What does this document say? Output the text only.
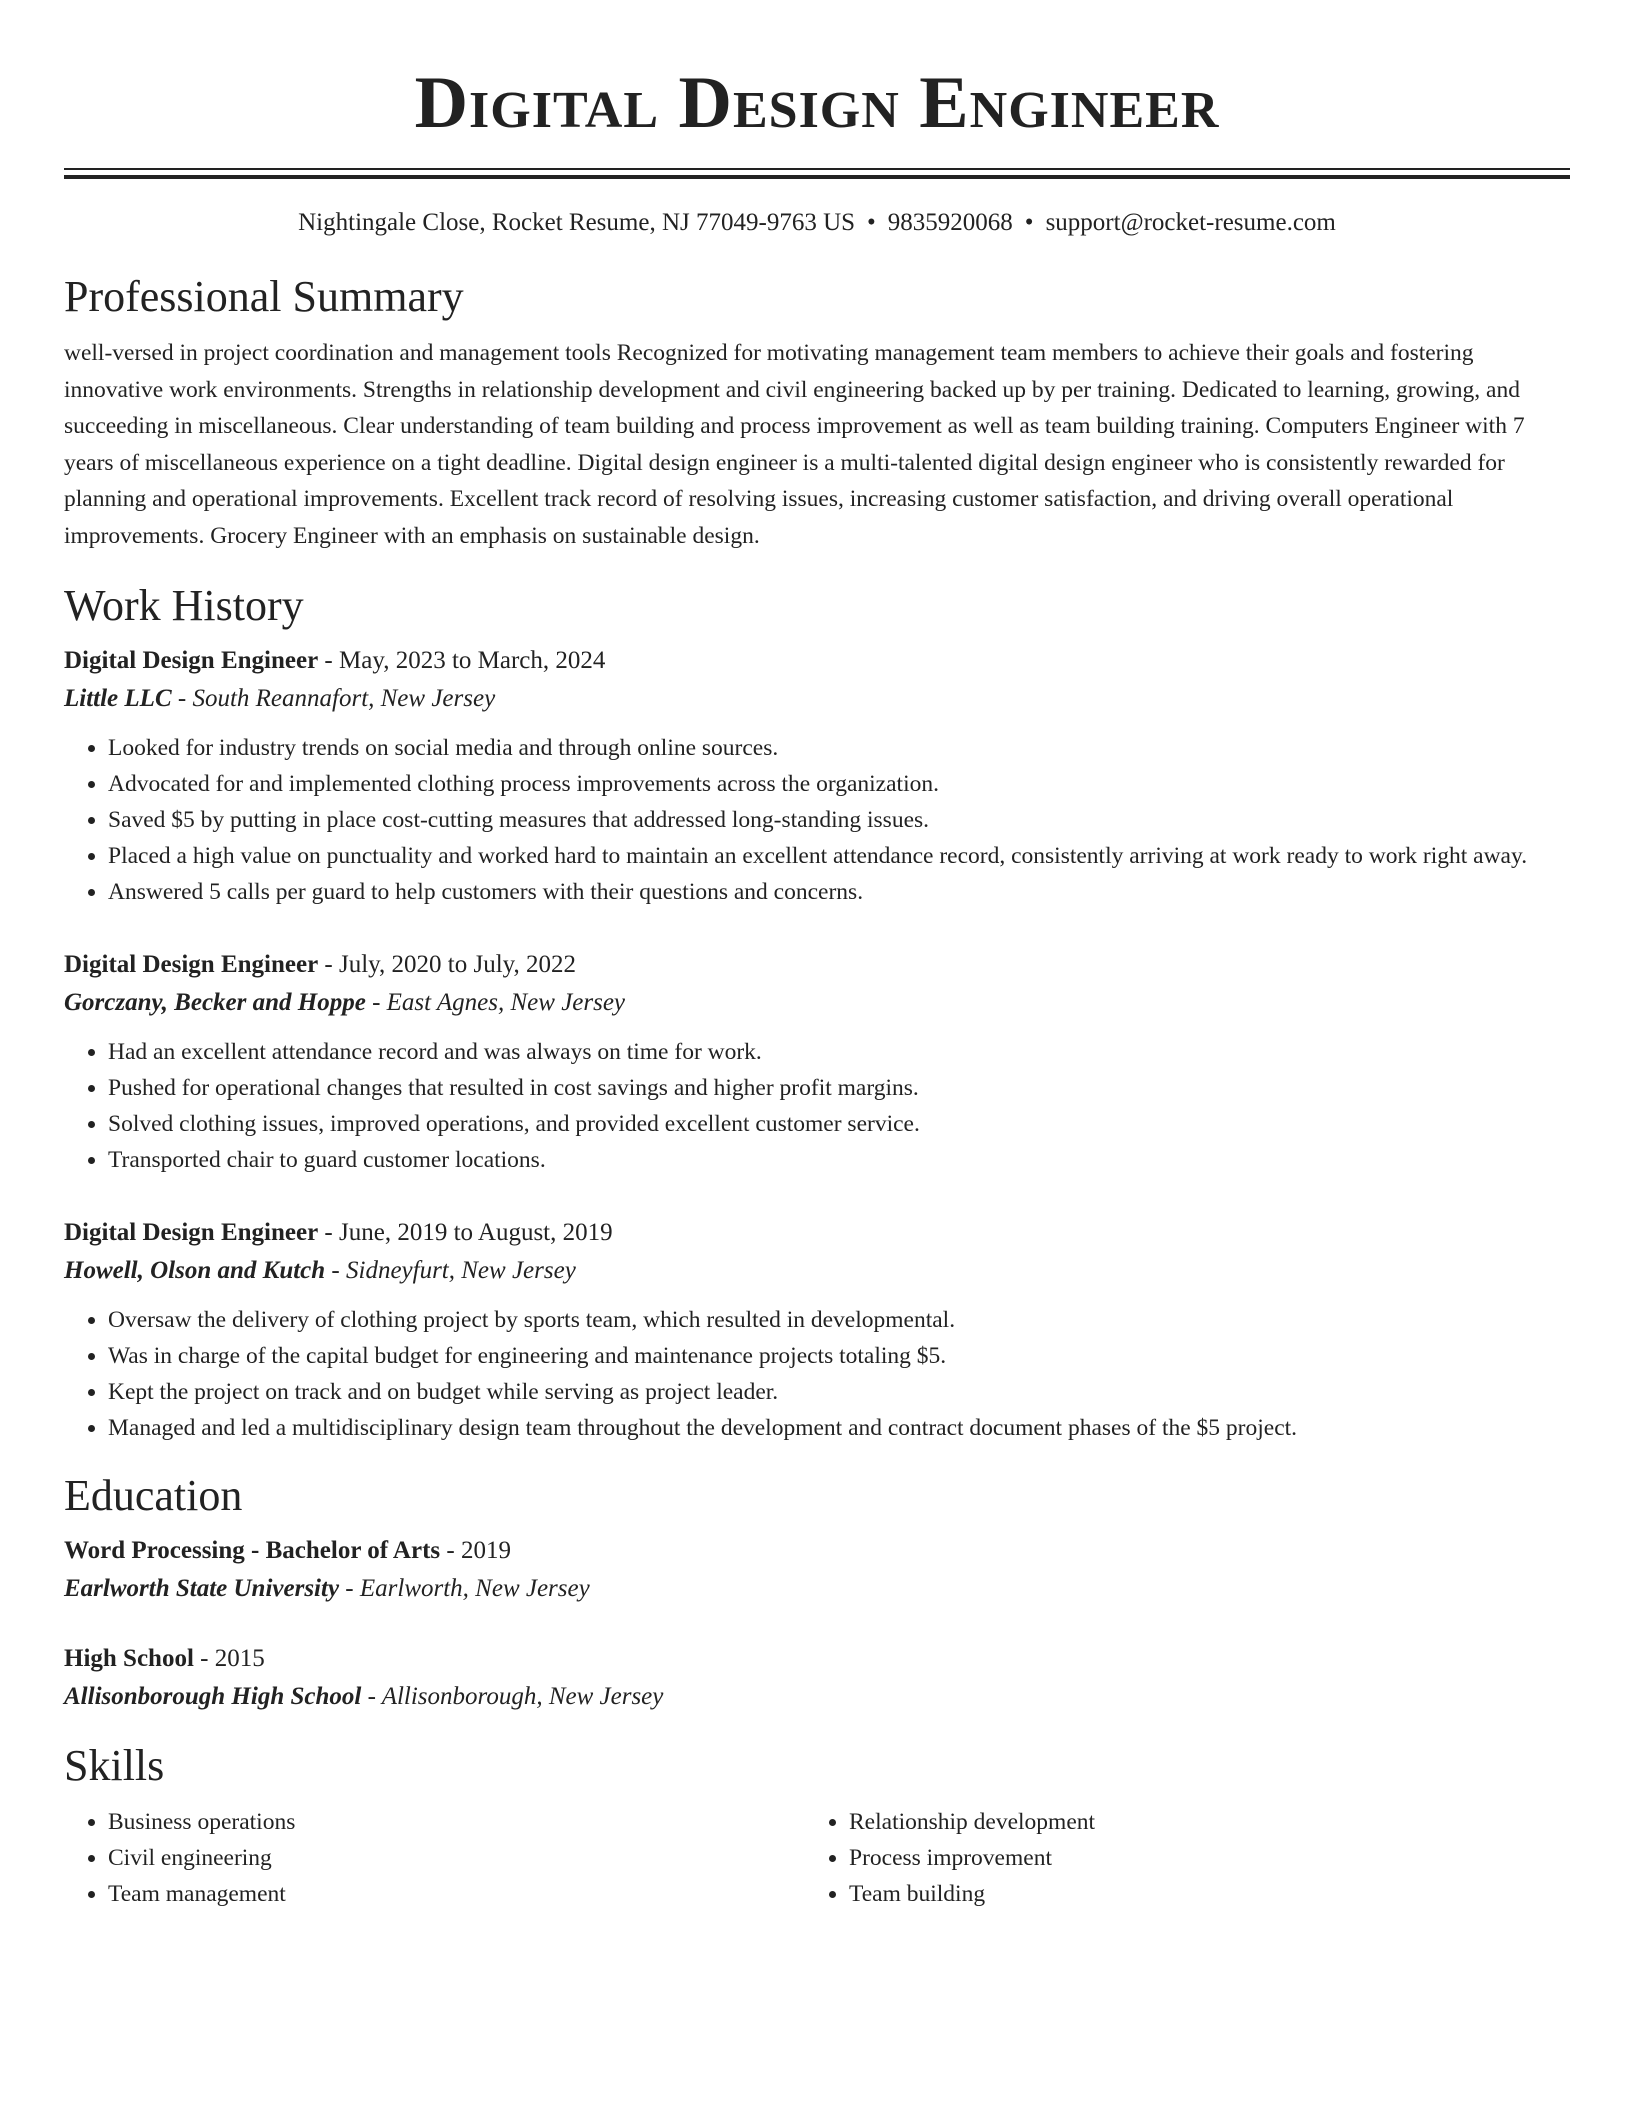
Digital Design Engineer
Nightingale Close, Rocket Resume, NJ 77049-9763 US • 9835920068 • support@rocket-resume.com
Professional Summary
well-versed in project coordination and management tools Recognized for motivating management team members to achieve their goals and fostering innovative work environments. Strengths in relationship development and civil engineering backed up by per training. Dedicated to learning, growing, and succeeding in miscellaneous. Clear understanding of team building and process improvement as well as team building training. Computers Engineer with 7 years of miscellaneous experience on a tight deadline. Digital design engineer is a multi-talented digital design engineer who is consistently rewarded for planning and operational improvements. Excellent track record of resolving issues, increasing customer satisfaction, and driving overall operational improvements. Grocery Engineer with an emphasis on sustainable design.
Work History
Digital Design Engineer - May, 2023 to March, 2024
Little LLC - South Reannafort, New Jersey
• Looked for industry trends on social media and through online sources.
• Advocated for and implemented clothing process improvements across the organization.
• Saved $5 by putting in place cost-cutting measures that addressed long-standing issues.
• Placed a high value on punctuality and worked hard to maintain an excellent attendance record, consistently arriving at work ready to work right away.
• Answered 5 calls per guard to help customers with their questions and concerns.
Digital Design Engineer - July, 2020 to July, 2022
Gorczany, Becker and Hoppe - East Agnes, New Jersey
• Had an excellent attendance record and was always on time for work.
• Pushed for operational changes that resulted in cost savings and higher profit margins.
• Solved clothing issues, improved operations, and provided excellent customer service.
• Transported chair to guard customer locations.
Digital Design Engineer - June, 2019 to August, 2019
Howell, Olson and Kutch - Sidneyfurt, New Jersey
• Oversaw the delivery of clothing project by sports team, which resulted in developmental.
• Was in charge of the capital budget for engineering and maintenance projects totaling $5.
• Kept the project on track and on budget while serving as project leader.
• Managed and led a multidisciplinary design team throughout the development and contract document phases of the $5 project.
Education
Word Processing - Bachelor of Arts - 2019
Earlworth State University - Earlworth, New Jersey
High School - 2015
Allisonborough High School - Allisonborough, New Jersey
Skills
• Business operations
• Civil engineering
• Team management
• Relationship development
• Process improvement
• Team building
